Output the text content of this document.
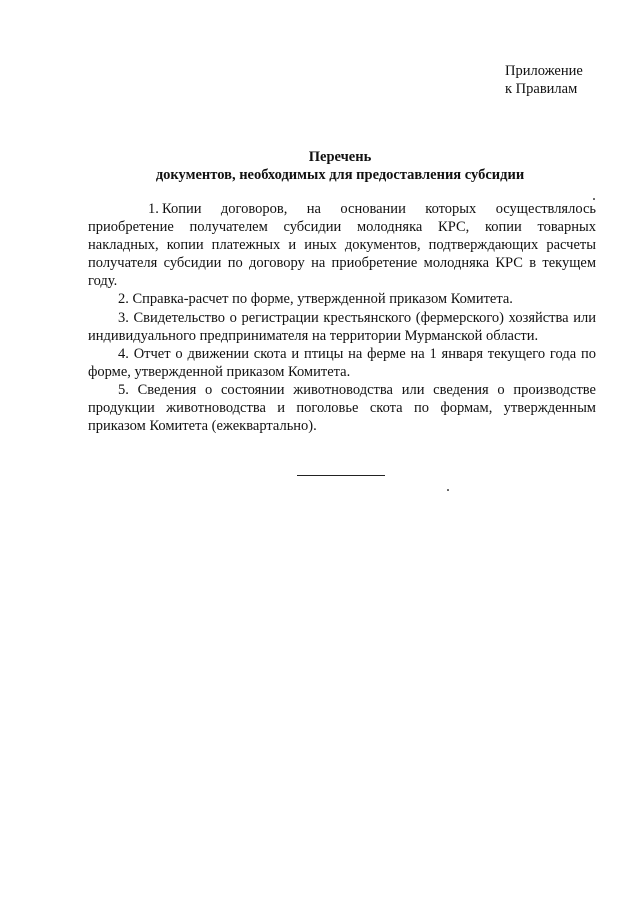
Приложение
к Правилам
Перечень
документов, необходимых для предоставления субсидии

1. Копии договоров, на основании которых осуществлялось приобретение получателем субсидии молодняка КРС, копии товарных накладных, копии платежных и иных документов, подтверждающих расчеты получателя субсидии по договору на приобретение молодняка КРС в текущем году.

2. Справка-расчет по форме, утвержденной приказом Комитета.

3. Свидетельство о регистрации крестьянского (фермерского) хозяйства или индивидуального предпринимателя на территории Мурманской области.

4. Отчет о движении скота и птицы на ферме на 1 января текущего года по форме, утвержденной приказом Комитета.

5. Сведения о состоянии животноводства или сведения о производстве продукции животноводства и поголовье скота по формам, утвержденным приказом Комитета (ежеквартально).
